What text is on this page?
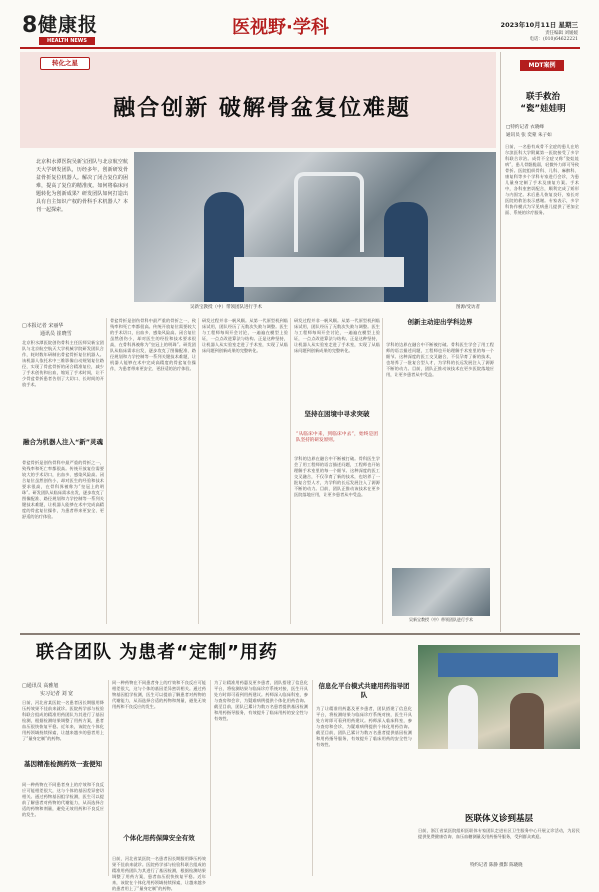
8 健康报
HEALTH NEWS
医视野·学科	2023年10月11日 星期三
责任编辑 刘媛媛
电话：(010)64622221
转化之星
融合创新 破解骨盆复位难题
北京积水潭医院吴新宝团队与北京航空航天大学研发团队，历经多年，创新研发骨盆骨折复位机器人。解决了闭合复位的困难，提高了复位的精准度。如何将临床问题转化为创新成果？研发团队如何打造出具有自主知识产权的骨科手术机器人？本刊一起探索。
吴新宝教授（中）带领团队进行手术	图源/受访者
□本报记者 宋丽华
通讯员 崔晓雪
北京积水潭医院创伤骨科主任医师吴新宝团队与北京航空航天大学机械学院研发团队合作，耗时数年研制出骨盆骨折复位机器人。该机器人依托术中三维影像自动规划复位路径，实现了骨盆骨折的闭合精准复位，减少了手术创伤和出血，缩短了手术时间，让不少骨盆骨折患者告别了大切口、长时间的开放手术。
融合为机器人注入“新”灵魂
骨盆骨折是创伤骨科中最严重的骨折之一，致残率和死亡率都很高。传统开放复位需要较大的手术切口，出血多、感染风险高。闭合复位虽然创伤小，却对医生的经验和技术要求很高，在骨科界被称为“皇冠上的明珠”。研发团队从临床需求出发，逐步攻克了图像配准、路径规划和力学控制等一系列关键技术难题，让机器人能够在术中完成高精度的骨盆复位操作，为患者带来更安全、更舒适的治疗体验。
骨盆骨折是创伤骨科中最严重的骨折之一，致残率和死亡率都很高。传统开放复位需要较大的手术切口，出血多、感染风险高。闭合复位虽然创伤小，却对医生的经验和技术要求很高，在骨科界被称为“皇冠上的明珠”。研发团队从临床需求出发，逐步攻克了图像配准、路径规划和力学控制等一系列关键技术难题，让机器人能够在术中完成高精度的骨盆复位操作，为患者带来更安全、更舒适的治疗体验。
研发过程并非一帆风顺。从第一代原型机到临床试用，团队经历了无数次失败与调整。医生与工程师每周开会讨论，一遍遍在模型上验证，一点点改进算法与结构。正是这种坚持，让机器人从实验室走进了手术室，实现了从临床问题到创新成果的完整转化。
研发过程并非一帆风顺。从第一代原型机到临床试用，团队经历了无数次失败与调整。医生与工程师每周开会讨论，一遍遍在模型上验证，一点点改进算法与结构。正是这种坚持，让机器人从实验室走进了手术室，实现了从临床问题到创新成果的完整转化。
坚持在困境中寻求突破
“从临床中来，到临床中去”，始终是团队坚持的研发原则。
学科的边界在融合中不断被打破。骨科医生学会了用工程师的语言描述问题，工程师也开始理解手术室里的每一个细节。这种深度的医工交叉融合，不仅孕育了新的技术，也培养了一批复合型人才，为学科的长远发展注入了源源不断的动力。目前，团队正推动该技术在更多医院落地应用，让更多患者从中受益。
创新主动迎出学科边界
学科的边界在融合中不断被打破。骨科医生学会了用工程师的语言描述问题，工程师也开始理解手术室里的每一个细节。这种深度的医工交叉融合，不仅孕育了新的技术，也培养了一批复合型人才，为学科的长远发展注入了源源不断的动力。目前，团队正推动该技术在更多医院落地应用，让更多患者从中受益。
吴新宝教授（中）带领团队进行手术
MDT案例
联手救治
“瓷”娃娃明
□特约记者 衣晓峰
通讯员 张 奕蒙 朱子如
日前，一名患有成骨不全症的患儿在哈尔滨医科大学附属第一医院接受了多学科联合诊治。成骨不全症又称“瓷娃娃病”，患儿骨骼脆弱，轻微外力即可导致骨折。医院组织骨科、儿科、麻醉科、康复科等多个学科专家进行会诊，为患儿量身定制了手术及康复方案。手术中，各科室密切配合，顺利完成了矫形与内固定。术后患儿恢复良好，家长对医院的救治表示感谢。专家表示，多学科协作模式为罕见病患儿提供了更加全面、系统的诊疗服务。
联合团队 为患者“定制”用药
□通讯员 高雅旭
实习记者 刘 宽
日前，河北省某医院一名患者因长期服用降压药效果不佳前来就诊。医院药学部与检验科联合组成的精准用药团队为其进行了基因检测，根据检测结果调整了用药方案，患者血压很快恢复平稳。近年来，该院在个体化用药领域持续探索，让越来越多的患者用上了“量身定制”的药物。
基因精准检测药效一查便知
同一种药物在不同患者身上的疗效和不良反应可能相差很大，这与个体的基因差异密切相关。通过药物基因组学检测，医生可以提前了解患者对药物的代谢能力，从而选择合适的药物和剂量，避免无效用药和不良反应的发生。
同一种药物在不同患者身上的疗效和不良反应可能相差很大，这与个体的基因差异密切相关。通过药物基因组学检测，医生可以提前了解患者对药物的代谢能力，从而选择合适的药物和剂量，避免无效用药和不良反应的发生。
个体化用药保障安全有效
日前，河北省某医院一名患者因长期服用降压药效果不佳前来就诊。医院药学部与检验科联合组成的精准用药团队为其进行了基因检测，根据检测结果调整了用药方案，患者血压很快恢复平稳。近年来，该院在个体化用药领域持续探索，让越来越多的患者用上了“量身定制”的药物。
为了让精准用药惠及更多患者，团队搭建了信息化平台，将检测结果与临床诊疗系统对接，医生开具处方时即可看到用药建议。药师深入临床科室，参与查房和会诊，为疑难病例提供个体化用药咨询。截至目前，团队已累计为数万名患者提供基因检测和用药指导服务，有效提升了临床用药的安全性与有效性。
信息化平台模式共建用药指导团队
为了让精准用药惠及更多患者，团队搭建了信息化平台，将检测结果与临床诊疗系统对接，医生开具处方时即可看到用药建议。药师深入临床科室，参与查房和会诊，为疑难病例提供个体化用药咨询。截至目前，团队已累计为数万名患者提供基因检测和用药指导服务，有效提升了临床用药的安全性与有效性。
医联体义诊到基层
日前，浙江省某医院组织医联体专家团队走进社区卫生服务中心开展义诊活动，为居民提供免费健康咨询、血压血糖测量及用药指导服务，受到群众欢迎。
特约记者 陈静 摄影 陈晓晓
